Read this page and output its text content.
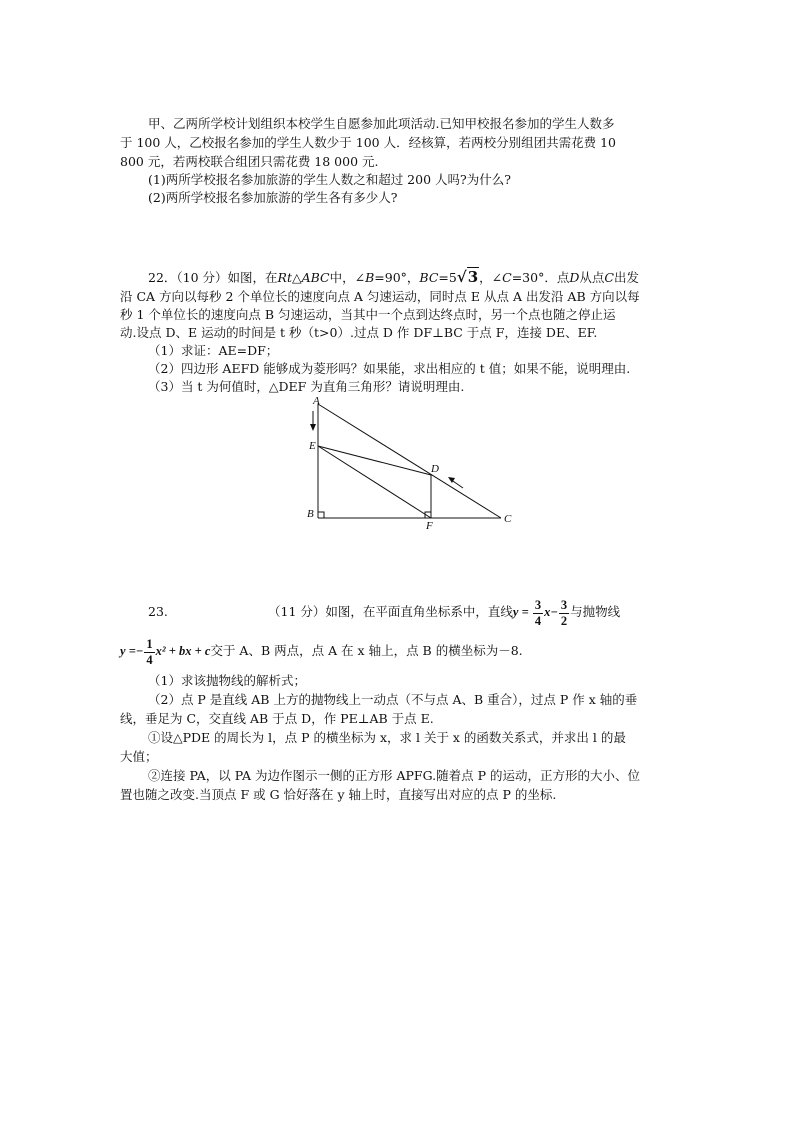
甲、乙两所学校计划组织本校学生自愿参加此项活动.已知甲校报名参加的学生人数多
于 100 人，乙校报名参加的学生人数少于 100 人．经核算，若两校分别组团共需花费 10
800 元，若两校联合组团只需花费 18 000 元.
(1)两所学校报名参加旅游的学生人数之和超过 200 人吗?为什么?
(2)两所学校报名参加旅游的学生各有多少人?
22．（10 分）如图，在Rt△ABC中，∠B=90°，BC=5√3，∠C=30°．点D从点C出发
沿 CA 方向以每秒 2 个单位长的速度向点 A 匀速运动，同时点 E 从点 A 出发沿 AB 方向以每
秒 1 个单位长的速度向点 B 匀速运动，当其中一个点到达终点时，另一个点也随之停止运
动.设点 D、E 运动的时间是 t 秒（t>0）.过点 D 作 DF⊥BC 于点 F，连接 DE、EF.
（1）求证：AE=DF；
（2）四边形 AEFD 能够成为菱形吗？如果能，求出相应的 t 值；如果不能，说明理由.
（3）当 t 为何值时，△DEF 为直角三角形？请说明理由.
A
E
B
D
F
C
23.	（11 分）如图，在平面直角坐标系中，直线$y = \frac{3}{4} x- \frac{3}{2}$ 与抛物线
$y =- \frac{1}{4} x^2$ + bx + c交于 A、B 两点，点 A 在 x 轴上，点 B 的横坐标为－8.
（1）求该抛物线的解析式；
（2）点 P 是直线 AB 上方的抛物线上一动点（不与点 A、B 重合），过点 P 作 x 轴的垂
线，垂足为 C，交直线 AB 于点 D，作 PE⊥AB 于点 E.
①设△PDE 的周长为 l，点 P 的横坐标为 x，求 l 关于 x 的函数关系式，并求出 l 的最
大值；
②连接 PA，以 PA 为边作图示一侧的正方形 APFG.随着点 P 的运动，正方形的大小、位
置也随之改变.当顶点 F 或 G 恰好落在 y 轴上时，直接写出对应的点 P 的坐标.
